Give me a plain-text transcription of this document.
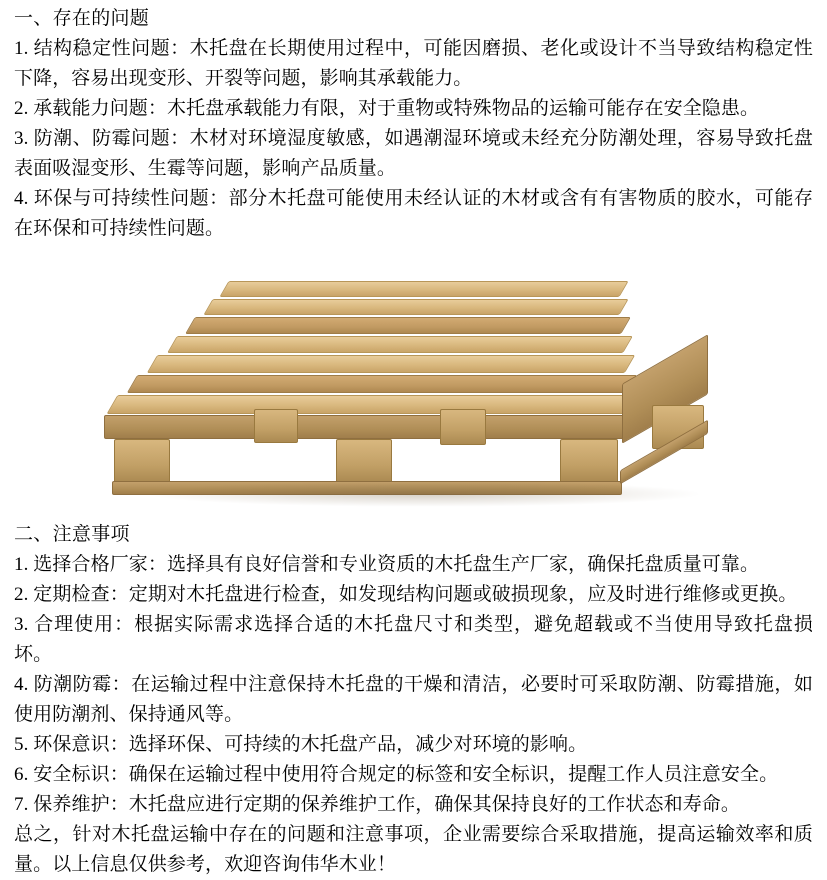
一、存在的问题

1. 结构稳定性问题：木托盘在长期使用过程中，可能因磨损、老化或设计不当导致结构稳定性下降，容易出现变形、开裂等问题，影响其承载能力。

2. 承载能力问题：木托盘承载能力有限，对于重物或特殊物品的运输可能存在安全隐患。

3. 防潮、防霉问题：木材对环境湿度敏感，如遇潮湿环境或未经充分防潮处理，容易导致托盘表面吸湿变形、生霉等问题，影响产品质量。

4. 环保与可持续性问题：部分木托盘可能使用未经认证的木材或含有有害物质的胶水，可能存在环保和可持续性问题。

二、注意事项

1. 选择合格厂家：选择具有良好信誉和专业资质的木托盘生产厂家，确保托盘质量可靠。

2. 定期检查：定期对木托盘进行检查，如发现结构问题或破损现象，应及时进行维修或更换。

3. 合理使用：根据实际需求选择合适的木托盘尺寸和类型，避免超载或不当使用导致托盘损坏。

4. 防潮防霉：在运输过程中注意保持木托盘的干燥和清洁，必要时可采取防潮、防霉措施，如使用防潮剂、保持通风等。

5. 环保意识：选择环保、可持续的木托盘产品，减少对环境的影响。

6. 安全标识：确保在运输过程中使用符合规定的标签和安全标识，提醒工作人员注意安全。

7. 保养维护：木托盘应进行定期的保养维护工作，确保其保持良好的工作状态和寿命。

总之，针对木托盘运输中存在的问题和注意事项，企业需要综合采取措施，提高运输效率和质量。以上信息仅供参考，欢迎咨询伟华木业！
